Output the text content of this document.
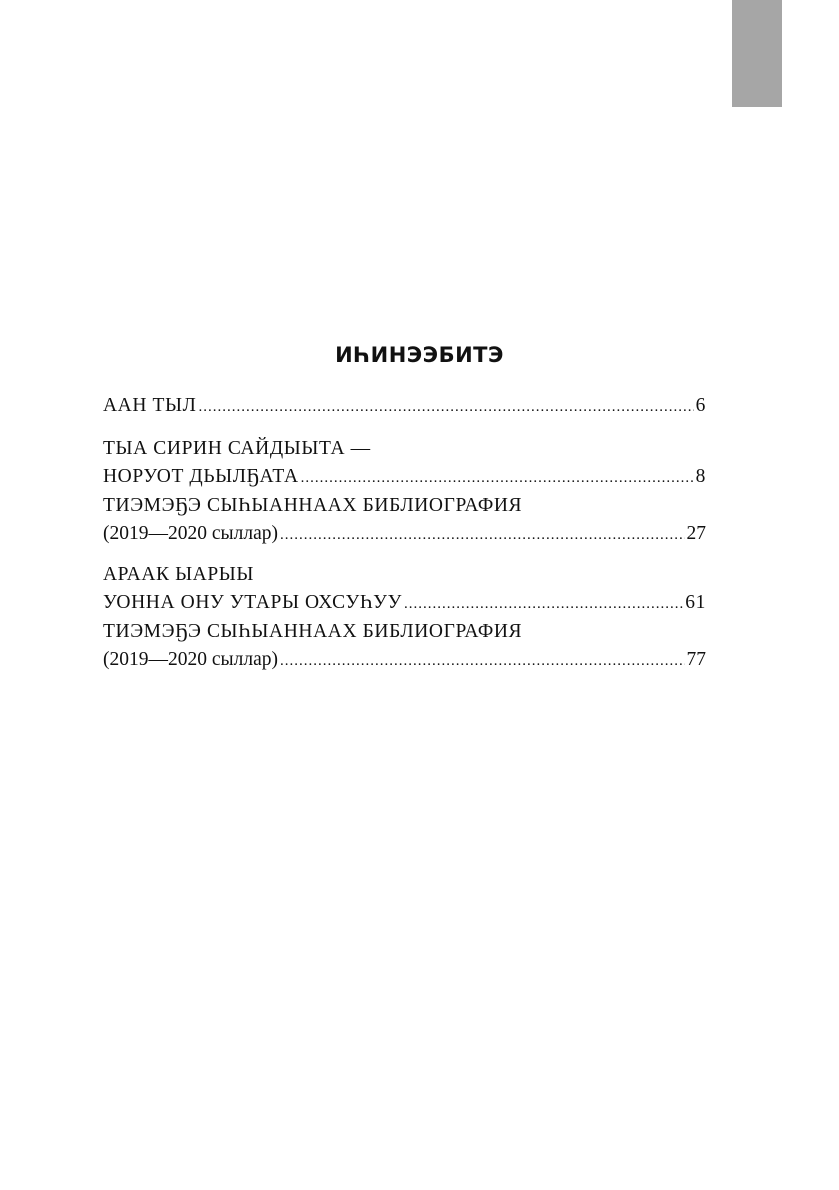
ИҺИНЭЭБИТЭ
ААН ТЫЛ .....	6
ТЫА СИРИН САЙДЫЫТА —
НОРУОТ ДЬЫЛҔАТА .....	8
ТИЭМЭҔЭ СЫҺЫАННААХ БИБЛИОГРАФИЯ
(2019—2020 сыллар) .....	27
АРААК ЫАРЫЫ
УОННА ОНУ УТАРЫ ОХСУҺУУ .....	61
ТИЭМЭҔЭ СЫҺЫАННААХ БИБЛИОГРАФИЯ
(2019—2020 сыллар) .....	77
